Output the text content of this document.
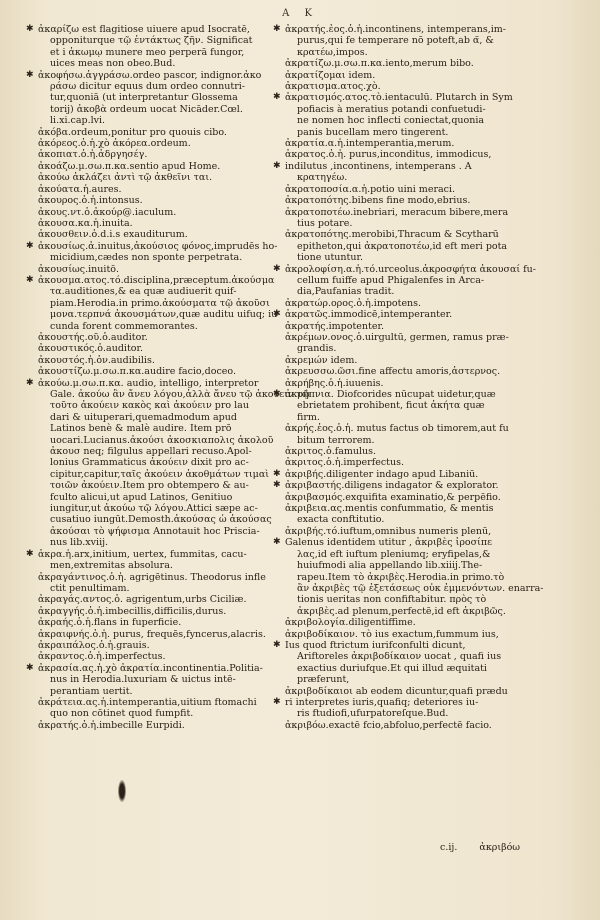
A K
✱ ἀκαρίζω est flagitiose uiuere apud Isocratē,
opponiturque τῷ ἐντάκτως ζῆν. Significat
et i ἀκωμῳ munere meo perperā fungor,
uices meas non obeo.Bud.
✱ ἀκοφήσω.ἀγγράσω.ordeo pascor, indignor.ἀκο
ράσω dicitur equus dum ordeo connutri-
tur,quoniā (ut interpretantur Glossema
torij) ἀκοβὰ ordeum uocat Nicāder.Cœl.
li.xi.cap.lvi.
ἀκόβα.ordeum,ponitur pro quouis cibo.
ἀκόρεος.ὁ.ἡ.χὸ ἀκόρεα.ordeum.
ἀκοπιατ.ὁ.ἡ.ἀδργησέγ.
ἀκοάζω.μ.σω.π.κα.sentio apud Home.
ἀκούω ἀκλάζει ἀντὶ τῷ ἀκθεῖνι ται.
ἀκούατα.ἡ.aures.
ἀκουρος.ὁ.ἡ.intonsus.
ἀκους.ντ.ὁ.ἀκούρ@.iaculum.
ἀκουσα.κα.ἡ.inuita.
ἀκουσθειν.ὁ.d.i.s exauditurum.
✱ ἀκουσίως.ἀ.inuitus,ἀκούσιος φόνος,imprudēs ho-
micidium,cædes non sponte perpetrata.
ἀκουσίως.inuitō.
✱ ἀκουσμα.ατος.τό.disciplina,præceptum.ἀκούσμα
τα.auditiones,& ea quæ audiuerit quif-
piam.Herodia.in primo.ἀκούσματα τῷ ἀκοῦσι
μονα.τερπνά ἀκουσμάτων,quæ auditu uifuq; iu-
cunda forent commemorantes.
ἀκουστής.οῦ.ὁ.auditor.
ἀκουστικός.ὁ.auditor.
ἀκουστός.ἡ.ὁν.audibilis.
ἀκουστίζω.μ.σω.π.κα.audire facio,doceo.
✱ ἀκούω.μ.σω.π.κα. audio, intelligo, interpretor
Gale. ἀκούω ἂν ἄνευ λόγου,ἀλλὰ ἄνευ τῷ ἀκούειν τῷ
τοῦτο ἀκούειν κακὸς καὶ ἀκούειν pro lau
dari & uituperari,quemadmodum apud
Latinos benè & malè audire. Item prō
uocari.Lucianus.ἀκούσι ἀκοσκιαπολις ἀκολοῦ
ἀκουσ neq; filgulus appellari recuso.Apol-
lonius Grammaticus ἀκούειν dixit pro ac-
cipitur,capitur,ταῖς ἀκούειν ἀκοθμάτων τιμαὶ
τοιῶν ἀκούειν.Item pro obtempero & au-
fculto alicui,ut apud Latinos, Genitiuo
iungitur,ut ἀκούω τῷ λόγου.Attici sæpe ac-
cusatiuo iungūt.Demosth.ἀκούσας ὡ ἀκούσας
ἀκούσαι τὸ ψήφισμα Annotauit hoc Priscia-
nus lib.xviij.
✱ ἀκρα.ἡ.arx,initium, uertex, fummitas, cacu-
men,extremitas absolura.
ἀκραγάντινος.ὁ.ἡ. agrigētinus. Theodorus infle
ctit penultimam.
ἀκραγάς.αντος.ὁ. agrigentum,urbs Ciciliæ.
ἀκραγγής.ὁ.ἡ.imbecillis,difficilis,durus.
ἀκραής.ὁ.ἡ.flans in fuperficie.
ἀκραιφνής.ὁ.ἡ. purus, frequēs,fyncerus,alacris.
ἀκραιπάλος.ὁ.ἡ.grauis.
ἀκραντος.ὁ.ἡ.imperfectus.
✱ ἀκρασία.ας.ἡ.χὸ ἀκρατία.incontinentia.Politia-
nus in Herodia.luxuriam & uictus intē-
perantiam uertit.
ἀκράτεια.ας.ἡ.intemperantia,uitium ftomachi
quo non cōtinet quod fumpfit.
ἀκρατής.ὁ.ἡ.imbecille Eurpidi.
✱ ἀκρατής.ἐος.ὁ.ἡ.incontinens, intemperans,im-
purus,qui fe temperare nō poteft,ab α̃, &
κρατέω,impos.
ἀκρατίζω.μ.σω.π.κα.iento,merum bibo.
ἀκρατίζομαι idem.
ἀκρατισμα.ατος.χὸ.
✱ ἀκρατισμός.ατος.τὸ.ientaculū. Plutarch in Sym
pofiacis à meratius potandi confuetudi-
ne nomen hoc inflecti coniectat,quonia
panis bucellam mero tingerent.
ἀκρατία.α.ἡ.intemperantia,merum.
ἀκρατος.ὁ.ἡ. purus,inconditus, immodicus,
✱ indilutus ,incontinens, intemperans . Α
κρατηγέω.
ἀκρατοποσία.α.ἡ.potio uini meraci.
ἀκρατοπότης.bibens fine modo,ebrius.
ἀκρατοποτέω.inebriari, meracum bibere,mera
tius potare.
ἀκρατοπότης.merobibi,Thracum & Scytharū
epitheton,qui ἀκρατοποτέω,id eft meri pota
tione utuntur.
✱ ἀκρολοφίση.α.ἡ.τό.urceolus.ἀκροσφήτα ἀκουσαί fu-
cellum fuiffe apud Phigalenfes in Arca-
dia,Paufanias tradit.
ἀκρατώρ.ορος.ὁ.ἡ.impotens.
✱ ἀκρατῶς.immodicē,intemperanter.
ἀκρατής.impotenter.
ἀκρέμων.ονος.ὁ.uirgultū, germen, ramus præ-
grandis.
ἀκρεμών idem.
ἀκρευσσω.ῶσι.fine affectu amoris,ἀστερνος.
ἀκρήβης.ὁ.ἡ.iuuenis.
✱ ἀκρήπνια. Diofcorides nūcupat uidetur,quæ
ebrietatem prohibent, ficut ἀκήτα quæ
firm.
ἀκρής.ἐος.ὁ.ἡ. mutus factus ob timorem,aut fu
bitum terrorem.
ἀκριτος.ὁ.famulus.
ἀκριτος.ὁ.ἡ.imperfectus.
✱ ἀκριβής.diligenter indago apud Libaniū.
✱ ἀκριβαστής.diligens indagator & explorator.
ἀκριβασμός.exquifita examinatio,& perpēfio.
ἀκριβεια.ας.mentis confummatio, & mentis
exacta conftitutio.
ἀκριβής.τό.iuftum,omnibus numeris plenū,
✱ Galenus identidem utitur , ἀκριβὲς ἰροσίπε
λας,id eft iuftum pleniumq; eryfipelas,&
huiufmodi alia appellando lib.xiiij.The-
rapeu.Item τὸ ἀκριβὲς.Herodia.in primo.τὸ
ἂν ἀκριβὲς τῷ ἐξετάσεως οὐκ ἐμμενόντων. enarra-
tionis ueritas non confiftabitur. πρὸς τὸ
ἀκριβὲς.ad plenum,perfectē,id eft ἀκριβῶς.
ἀκριβολογία.diligentiffime.
ἀκριβοδίκαιον. τὸ ius exactum,fummum ius,
✱ Ius quod ftrictum iurifconfulti dicunt,
Ariftoreles ἀκριβοδίκαιον uocat , quafi ius
exactius duriufque.Et qui illud æquitati
præferunt,
ἀκριβοδίκαιοι ab eodem dicuntur,quafi prædu
✱ ri interpretes iuris,quafiq; deteriores iu-
ris ftudiofi,ufurpatoreſque.Bud.
ἀκριβόω.exactē fcio,abfoluo,perfectē facio.
c.ij. ἀκριβόω
